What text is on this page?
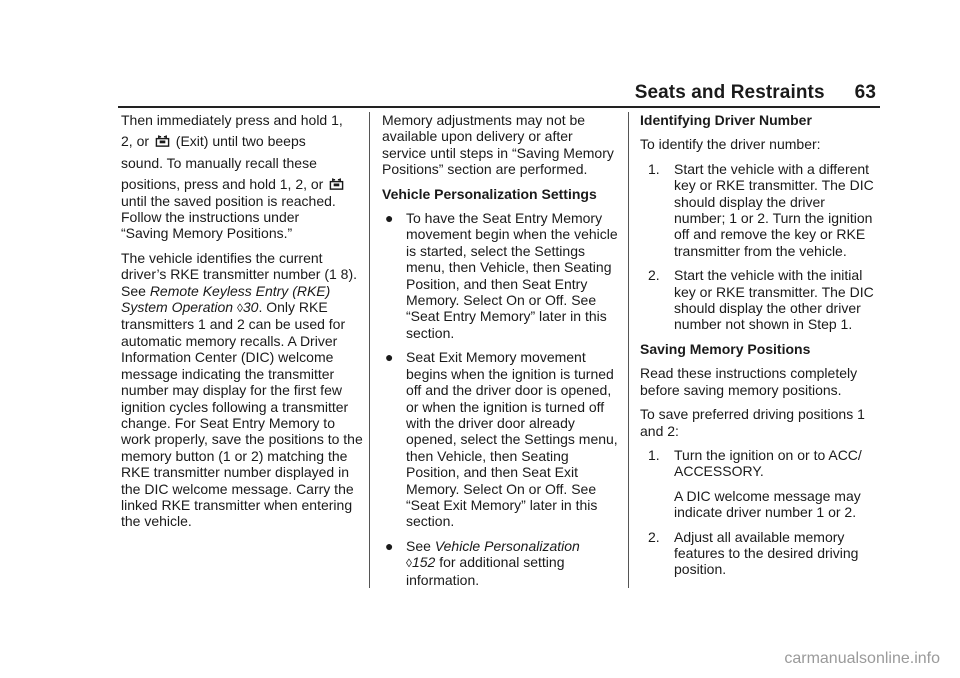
Seats and Restraints 63

Then immediately press and hold 1,
2, or (Exit) until two beeps
sound. To manually recall these
positions, press and hold 1, 2, or
until the saved position is reached. Follow the instructions under
“Saving Memory Positions.”

The vehicle identifies the current driver’s RKE transmitter number (1 8). See Remote Keyless Entry (RKE) System Operation ◊30. Only RKE transmitters 1 and 2 can be used for automatic memory recalls. A Driver Information Center (DIC) welcome message indicating the transmitter number may display for the first few ignition cycles following a transmitter change. For Seat Entry Memory to work properly, save the positions to the memory button (1 or 2) matching the RKE transmitter number displayed in the DIC welcome message. Carry the linked RKE transmitter when entering the vehicle.

Memory adjustments may not be available upon delivery or after service until steps in “Saving Memory Positions” section are performed.

Vehicle Personalization Settings
● To have the Seat Entry Memory movement begin when the vehicle is started, select the Settings menu, then Vehicle, then Seating Position, and then Seat Entry Memory. Select On or Off. See “Seat Entry Memory” later in this section.
● Seat Exit Memory movement begins when the ignition is turned off and the driver door is opened, or when the ignition is turned off with the driver door already opened, select the Settings menu, then Vehicle, then Seating Position, and then Seat Exit Memory. Select On or Off. See “Seat Exit Memory” later in this section.
● See Vehicle Personalization
◊152 for additional setting information.
Identifying Driver Number

To identify the driver number:

1. Start the vehicle with a different key or RKE transmitter. The DIC should display the driver number; 1 or 2. Turn the ignition off and remove the key or RKE transmitter from the vehicle.
2. Start the vehicle with the initial key or RKE transmitter. The DIC should display the other driver number not shown in Step 1.
Saving Memory Positions

Read these instructions completely before saving memory positions.

To save preferred driving positions 1 and 2:

1. Turn the ignition on or to ACC/ ACCESSORY.
A DIC welcome message may indicate driver number 1 or 2.
2. Adjust all available memory features to the desired driving position.
carmanualsonline.info
